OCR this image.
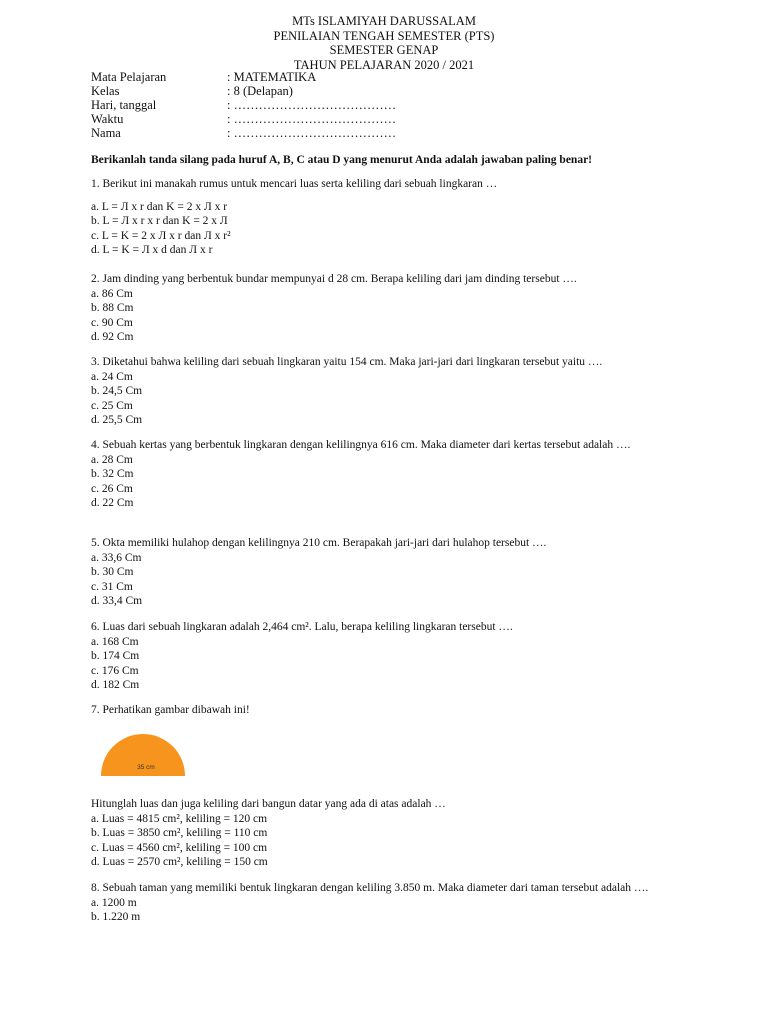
MTs ISLAMIYAH DARUSSALAM
PENILAIAN TENGAH SEMESTER (PTS)
SEMESTER GENAP
TAHUN PELAJARAN 2020 / 2021
Mata Pelajaran	: MATEMATIKA
Kelas	: 8 (Delapan)
Hari, tanggal	: …………………………………
Waktu	: …………………………………
Nama	: …………………………………
Berikanlah tanda silang pada huruf A, B, C atau D yang menurut Anda adalah jawaban paling benar!
1. Berikut ini manakah rumus untuk mencari luas serta keliling dari sebuah lingkaran …
a. L = Л x r dan K = 2 x Л x r
b. L = Л x r x r dan K = 2 x Л
c. L = K = 2 x Л x r dan Л x r²
d. L = K = Л x d dan Л x r
2. Jam dinding yang berbentuk bundar mempunyai d 28 cm. Berapa keliling dari jam dinding tersebut ….
a. 86 Cm
b. 88 Cm
c. 90 Cm
d. 92 Cm
3. Diketahui bahwa keliling dari sebuah lingkaran yaitu 154 cm. Maka jari-jari dari lingkaran tersebut yaitu ….
a. 24 Cm
b. 24,5 Cm
c. 25 Cm
d. 25,5 Cm
4. Sebuah kertas yang berbentuk lingkaran dengan kelilingnya 616 cm. Maka diameter dari kertas tersebut adalah ….
a. 28 Cm
b. 32 Cm
c. 26 Cm
d. 22 Cm
5. Okta memiliki hulahop dengan kelilingnya 210 cm. Berapakah jari-jari dari hulahop tersebut ….
a. 33,6 Cm
b. 30 Cm
c. 31 Cm
d. 33,4 Cm
6. Luas dari sebuah lingkaran adalah 2,464 cm². Lalu, berapa keliling lingkaran tersebut ….
a. 168 Cm
b. 174 Cm
c. 176 Cm
d. 182 Cm
7. Perhatikan gambar dibawah ini!
35 cm
Hitunglah luas dan juga keliling dari bangun datar yang ada di atas adalah …
a. Luas = 4815 cm², keliling = 120 cm
b. Luas = 3850 cm², keliling = 110 cm
c. Luas = 4560 cm², keliling = 100 cm
d. Luas = 2570 cm², keliling = 150 cm
8. Sebuah taman yang memiliki bentuk lingkaran dengan keliling 3.850 m. Maka diameter dari taman tersebut adalah ….
a. 1200 m
b. 1.220 m
